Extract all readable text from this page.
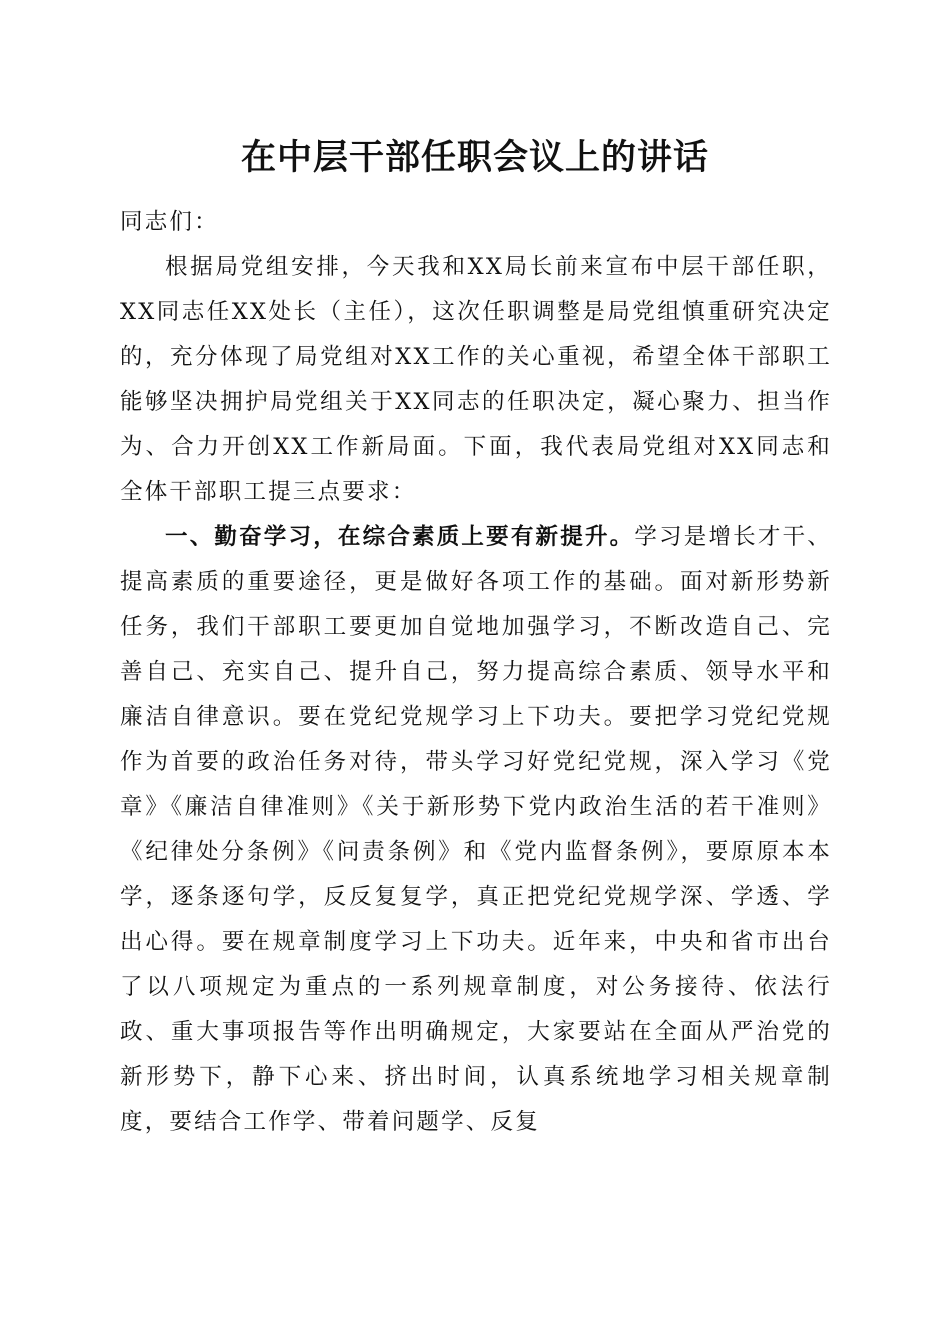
在中层干部任职会议上的讲话

同志们：

根据局党组安排，今天我和XX局长前来宣布中层干部任职，XX同志任XX处长（主任），这次任职调整是局党组慎重研究决定的，充分体现了局党组对XX工作的关心重视，希望全体干部职工能够坚决拥护局党组关于XX同志的任职决定，凝心聚力、担当作为、合力开创XX工作新局面。下面，我代表局党组对XX同志和全体干部职工提三点要求：

一、勤奋学习，在综合素质上要有新提升。学习是增长才干、提高素质的重要途径，更是做好各项工作的基础。面对新形势新任务，我们干部职工要更加自觉地加强学习，不断改造自己、完善自己、充实自己、提升自己，努力提高综合素质、领导水平和廉洁自律意识。要在党纪党规学习上下功夫。要把学习党纪党规作为首要的政治任务对待，带头学习好党纪党规，深入学习《党章》《廉洁自律准则》《关于新形势下党内政治生活的若干准则》《纪律处分条例》《问责条例》和《党内监督条例》，要原原本本学，逐条逐句学，反反复复学，真正把党纪党规学深、学透、学出心得。要在规章制度学习上下功夫。近年来，中央和省市出台了以八项规定为重点的一系列规章制度，对公务接待、依法行政、重大事项报告等作出明确规定，大家要站在全面从严治党的新形势下，静下心来、挤出时间，认真系统地学习相关规章制度，要结合工作学、带着问题学、反复
